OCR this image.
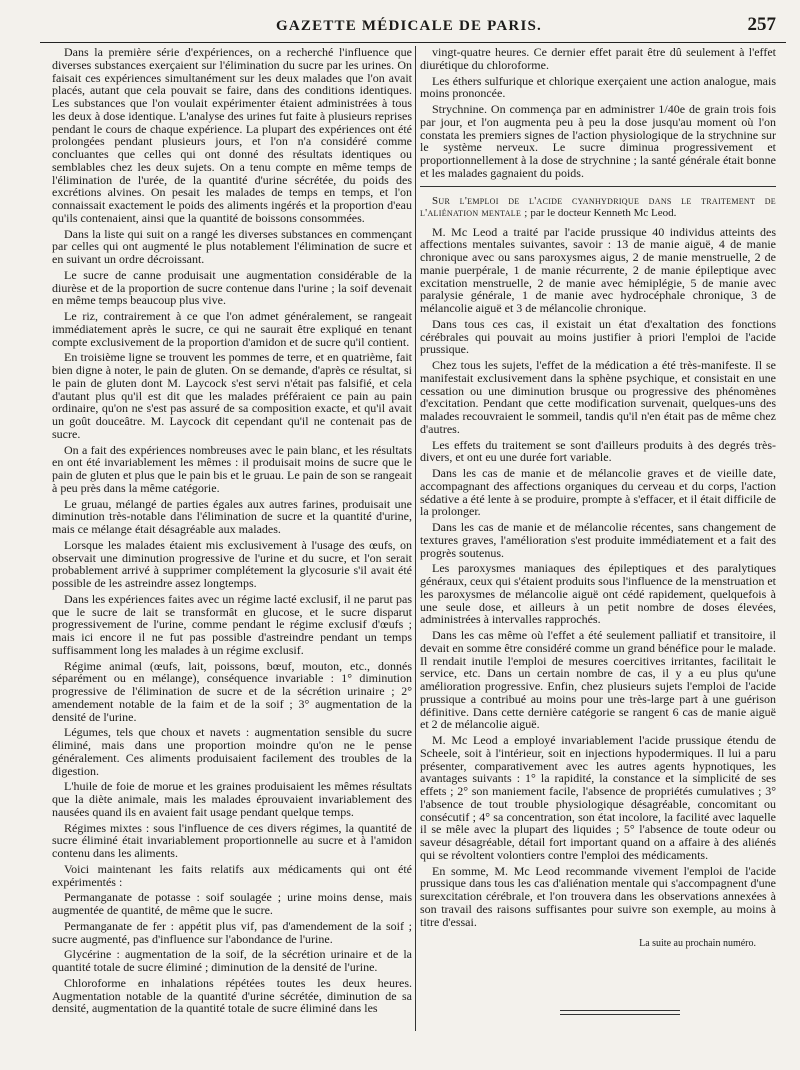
GAZETTE MÉDICALE DE PARIS.	257

Dans la première série d'expériences, on a recherché l'influence que diverses substances exerçaient sur l'élimination du sucre par les urines. On faisait ces expériences simultanément sur les deux malades que l'on avait placés, autant que cela pouvait se faire, dans des conditions identiques. Les substances que l'on voulait expérimenter étaient administrées à tous les deux à dose identique. L'analyse des urines fut faite à plusieurs reprises pendant le cours de chaque expérience. La plupart des expériences ont été prolongées pendant plusieurs jours, et l'on n'a considéré comme concluantes que celles qui ont donné des résultats identiques ou semblables chez les deux sujets. On a tenu compte en même temps de l'élimination de l'urée, de la quantité d'urine sécrétée, du poids des excrétions alvines. On pesait les malades de temps en temps, et l'on connaissait exactement le poids des aliments ingérés et la proportion d'eau qu'ils contenaient, ainsi que la quantité de boissons consommées.

Dans la liste qui suit on a rangé les diverses substances en commençant par celles qui ont augmenté le plus notablement l'élimination de sucre et en suivant un ordre décroissant.

Le sucre de canne produisait une augmentation considérable de la diurèse et de la proportion de sucre contenue dans l'urine ; la soif devenait en même temps beaucoup plus vive.

Le riz, contrairement à ce que l'on admet généralement, se rangeait immédiatement après le sucre, ce qui ne saurait être expliqué en tenant compte exclusivement de la proportion d'amidon et de sucre qu'il contient.

En troisième ligne se trouvent les pommes de terre, et en quatrième, fait bien digne à noter, le pain de gluten. On se demande, d'après ce résultat, si le pain de gluten dont M. Laycock s'est servi n'était pas falsifié, et cela d'autant plus qu'il est dit que les malades préféraient ce pain au pain ordinaire, qu'on ne s'est pas assuré de sa composition exacte, et qu'il avait un goût douceâtre. M. Laycock dit cependant qu'il ne contenait pas de sucre.

On a fait des expériences nombreuses avec le pain blanc, et les résultats en ont été invariablement les mêmes : il produisait moins de sucre que le pain de gluten et plus que le pain bis et le gruau. Le pain de son se rangeait à peu près dans la même catégorie.

Le gruau, mélangé de parties égales aux autres farines, produisait une diminution très-notable dans l'élimination de sucre et la quantité d'urine, mais ce mélange était désagréable aux malades.

Lorsque les malades étaient mis exclusivement à l'usage des œufs, on observait une diminution progressive de l'urine et du sucre, et l'on serait probablement arrivé à supprimer complétement la glycosurie s'il avait été possible de les astreindre assez longtemps.

Dans les expériences faites avec un régime lacté exclusif, il ne parut pas que le sucre de lait se transformât en glucose, et le sucre disparut progressivement de l'urine, comme pendant le régime exclusif d'œufs ; mais ici encore il ne fut pas possible d'astreindre pendant un temps suffisamment long les malades à un régime exclusif.

Régime animal (œufs, lait, poissons, bœuf, mouton, etc., donnés séparément ou en mélange), conséquence invariable : 1° diminution progressive de l'élimination de sucre et de la sécrétion urinaire ; 2° amendement notable de la faim et de la soif ; 3° augmentation de la densité de l'urine.

Légumes, tels que choux et navets : augmentation sensible du sucre éliminé, mais dans une proportion moindre qu'on ne le pense généralement. Ces aliments produisaient facilement des troubles de la digestion.

L'huile de foie de morue et les graines produisaient les mêmes résultats que la diète animale, mais les malades éprouvaient invariablement des nausées quand ils en avaient fait usage pendant quelque temps.

Régimes mixtes : sous l'influence de ces divers régimes, la quantité de sucre éliminé était invariablement proportionnelle au sucre et à l'amidon contenu dans les aliments.

Voici maintenant les faits relatifs aux médicaments qui ont été expérimentés :

Permanganate de potasse : soif soulagée ; urine moins dense, mais augmentée de quantité, de même que le sucre.

Permanganate de fer : appétit plus vif, pas d'amendement de la soif ; sucre augmenté, pas d'influence sur l'abondance de l'urine.

Glycérine : augmentation de la soif, de la sécrétion urinaire et de la quantité totale de sucre éliminé ; diminution de la densité de l'urine.

Chloroforme en inhalations répétées toutes les deux heures. Augmentation notable de la quantité d'urine sécrétée, diminution de sa densité, augmentation de la quantité totale de sucre éliminé dans les

vingt-quatre heures. Ce dernier effet parait être dû seulement à l'effet diurétique du chloroforme.

Les éthers sulfurique et chlorique exerçaient une action analogue, mais moins prononcée.

Strychnine. On commença par en administrer 1/40e de grain trois fois par jour, et l'on augmenta peu à peu la dose jusqu'au moment où l'on constata les premiers signes de l'action physiologique de la strychnine sur le système nerveux. Le sucre diminua progressivement et proportionnellement à la dose de strychnine ; la santé générale était bonne et les malades gagnaient du poids.

Sur l'emploi de l'acide cyanhydrique dans le traitement de l'aliénation mentale ; par le docteur Kenneth Mc Leod.

M. Mc Leod a traité par l'acide prussique 40 individus atteints des affections mentales suivantes, savoir : 13 de manie aiguë, 4 de manie chronique avec ou sans paroxysmes aigus, 2 de manie menstruelle, 2 de manie puerpérale, 1 de manie récurrente, 2 de manie épileptique avec excitation menstruelle, 2 de manie avec hémiplégie, 5 de manie avec paralysie générale, 1 de manie avec hydrocéphale chronique, 3 de mélancolie aiguë et 3 de mélancolie chronique.

Dans tous ces cas, il existait un état d'exaltation des fonctions cérébrales qui pouvait au moins justifier à priori l'emploi de l'acide prussique.

Chez tous les sujets, l'effet de la médication a été très-manifeste. Il se manifestait exclusivement dans la sphène psychique, et consistait en une cessation ou une diminution brusque ou progressive des phénomènes d'excitation. Pendant que cette modification survenait, quelques-uns des malades recouvraient le sommeil, tandis qu'il n'en était pas de même chez d'autres.

Les effets du traitement se sont d'ailleurs produits à des degrés très-divers, et ont eu une durée fort variable.

Dans les cas de manie et de mélancolie graves et de vieille date, accompagnant des affections organiques du cerveau et du corps, l'action sédative a été lente à se produire, prompte à s'effacer, et il était difficile de la prolonger.

Dans les cas de manie et de mélancolie récentes, sans changement de textures graves, l'amélioration s'est produite immédiatement et a fait des progrès soutenus.

Les paroxysmes maniaques des épileptiques et des paralytiques généraux, ceux qui s'étaient produits sous l'influence de la menstruation et les paroxysmes de mélancolie aiguë ont cédé rapidement, quelquefois à une seule dose, et ailleurs à un petit nombre de doses élevées, administrées à intervalles rapprochés.

Dans les cas même où l'effet a été seulement palliatif et transitoire, il devait en somme être considéré comme un grand bénéfice pour le malade. Il rendait inutile l'emploi de mesures coercitives irritantes, facilitait le service, etc. Dans un certain nombre de cas, il y a eu plus qu'une amélioration progressive. Enfin, chez plusieurs sujets l'emploi de l'acide prussique a contribué au moins pour une très-large part à une guérison définitive. Dans cette dernière catégorie se rangent 6 cas de manie aiguë et 2 de mélancolie aiguë.

M. Mc Leod a employé invariablement l'acide prussique étendu de Scheele, soit à l'intérieur, soit en injections hypodermiques. Il lui a paru présenter, comparativement avec les autres agents hypnotiques, les avantages suivants : 1° la rapidité, la constance et la simplicité de ses effets ; 2° son maniement facile, l'absence de propriétés cumulatives ; 3° l'absence de tout trouble physiologique désagréable, concomitant ou consécutif ; 4° sa concentration, son état incolore, la facilité avec laquelle il se mêle avec la plupart des liquides ; 5° l'absence de toute odeur ou saveur désagréable, détail fort important quand on a affaire à des aliénés qui se révoltent volontiers contre l'emploi des médicaments.

En somme, M. Mc Leod recommande vivement l'emploi de l'acide prussique dans tous les cas d'aliénation mentale qui s'accompagnent d'une surexcitation cérébrale, et l'on trouvera dans les observations annexées à son travail des raisons suffisantes pour suivre son exemple, au moins à titre d'essai.

La suite au prochain numéro.
